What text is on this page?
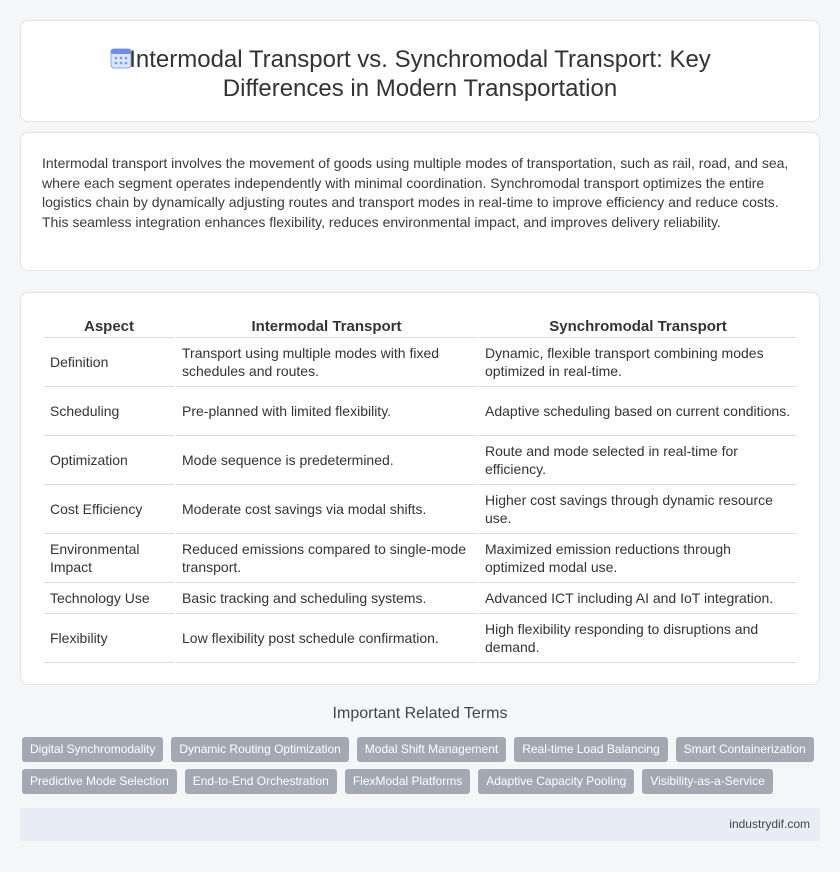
Intermodal Transport vs. Synchromodal Transport: Key
Differences in Modern Transportation

Intermodal transport involves the movement of goods using multiple modes of transportation, such as rail, road, and sea, where each segment operates independently with minimal coordination. Synchromodal transport optimizes the entire logistics chain by dynamically adjusting routes and transport modes in real-time to improve efficiency and reduce costs. This seamless integration enhances flexibility, reduces environmental impact, and improves delivery reliability.

Aspect	Intermodal Transport	Synchromodal Transport
Definition	Transport using multiple modes with fixed schedules and routes.	Dynamic, flexible transport combining modes optimized in real-time.
Scheduling	Pre-planned with limited flexibility.	Adaptive scheduling based on current conditions.
Optimization	Mode sequence is predetermined.	Route and mode selected in real-time for efficiency.
Cost Efficiency	Moderate cost savings via modal shifts.	Higher cost savings through dynamic resource use.
Environmental Impact	Reduced emissions compared to single-mode transport.	Maximized emission reductions through optimized modal use.
Technology Use	Basic tracking and scheduling systems.	Advanced ICT including AI and IoT integration.
Flexibility	Low flexibility post schedule confirmation.	High flexibility responding to disruptions and demand.
Important Related Terms
Digital Synchromodality	Dynamic Routing Optimization	Modal Shift Management	Real-time Load Balancing	Smart Containerization
Predictive Mode Selection	End-to-End Orchestration	FlexModal Platforms	Adaptive Capacity Pooling	Visibility-as-a-Service
industrydif.com
